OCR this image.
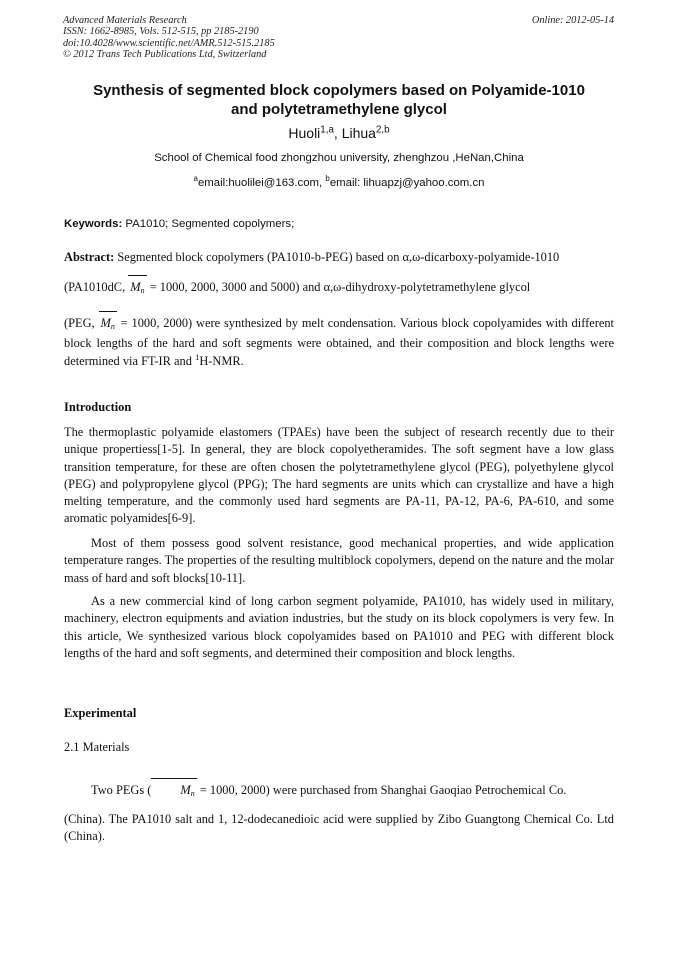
Advanced Materials Research
ISSN: 1662-8985, Vols. 512-515, pp 2185-2190
doi:10.4028/www.scientific.net/AMR.512-515.2185
© 2012 Trans Tech Publications Ltd, Switzerland
Online: 2012-05-14
Synthesis of segmented block copolymers based on Polyamide-1010
and polytetramethylene glycol
Huoli$^{1,a}$, Lihua$^{2,b}$
School of Chemical food zhongzhou university, zhenghzou ,HeNan,China
$^a$email:huolilei@163.com, $^b$email: lihuapzj@yahoo.com.cn
Keywords: PA1010; Segmented copolymers;
Abstract: Segmented block copolymers (PA1010-b-PEG) based on α,ω-dicarboxy-polyamide-1010
(PA1010dC, Mn = 1000, 2000, 3000 and 5000) and α,ω-dihydroxy-polytetramethylene glycol
(PEG, Mn = 1000, 2000) were synthesized by melt condensation. Various block copolyamides with different block lengths of the hard and soft segments were obtained, and their composition and block lengths were determined via FT-IR and $^1$H-NMR.
Introduction
The thermoplastic polyamide elastomers (TPAEs) have been the subject of research recently due to their unique propertiess[1-5]. In general, they are block copolyetheramides. The soft segment have a low glass transition temperature, for these are often chosen the polytetramethylene glycol (PEG), polyethylene glycol (PEG) and polypropylene glycol (PPG); The hard segments are units which can crystallize and have a high melting temperature, and the commonly used hard segments are PA-11, PA-12, PA-6, PA-610, and some aromatic polyamides[6-9].
Most of them possess good solvent resistance, good mechanical properties, and wide application temperature ranges. The properties of the resulting multiblock copolymers, depend on the nature and the molar mass of hard and soft blocks[10-11].
As a new commercial kind of long carbon segment polyamide, PA1010, has widely used in military, machinery, electron equipments and aviation industries, but the study on its block copolymers is very few. In this article, We synthesized various block copolyamides based on PA1010 and PEG with different block lengths of the hard and soft segments, and determined their composition and block lengths.
Experimental
2.1 Materials
Two PEGs ( Mn = 1000, 2000) were purchased from Shanghai Gaoqiao Petrochemical Co.
(China). The PA1010 salt and 1, 12-dodecanedioic acid were supplied by Zibo Guangtong Chemical Co. Ltd (China).
